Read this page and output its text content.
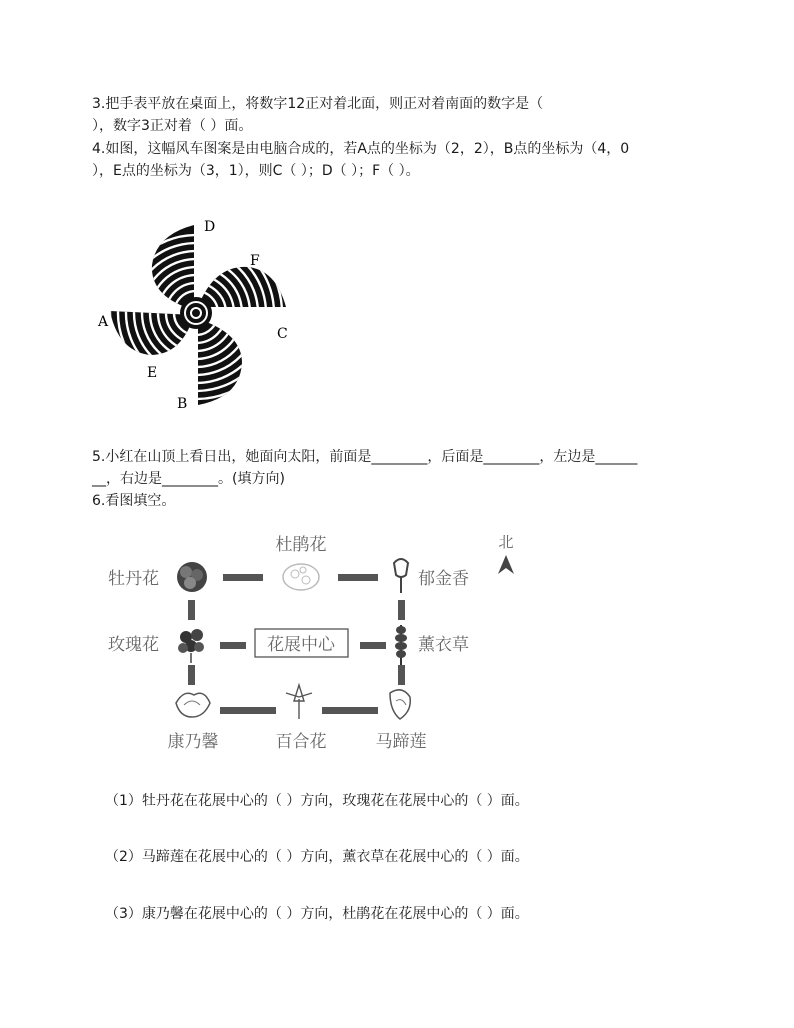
3.把手表平放在桌面上，将数字12正对着北面，则正对着南面的数字是（
），数字3正对着（ ）面。
4.如图，这幅风车图案是由电脑合成的，若A点的坐标为（2，2），B点的坐标为（4，0
），E点的坐标为（3，1），则C（ ）；D（ ）；F（ ）。
D
F
A
C
E
B
5.小红在山顶上看日出，她面向太阳，前面是________，后面是________，左边是______
__，右边是________。(填方向)
6.看图填空。
花展中心
牡丹花
杜鹃花
郁金香
玫瑰花	薰衣草
康乃馨	百合花	马蹄莲
北
（1）牡丹花在花展中心的（ ）方向，玫瑰花在花展中心的（ ）面。
（2）马蹄莲在花展中心的（ ）方向，薰衣草在花展中心的（ ）面。
（3）康乃馨在花展中心的（ ）方向，杜鹃花在花展中心的（ ）面。
